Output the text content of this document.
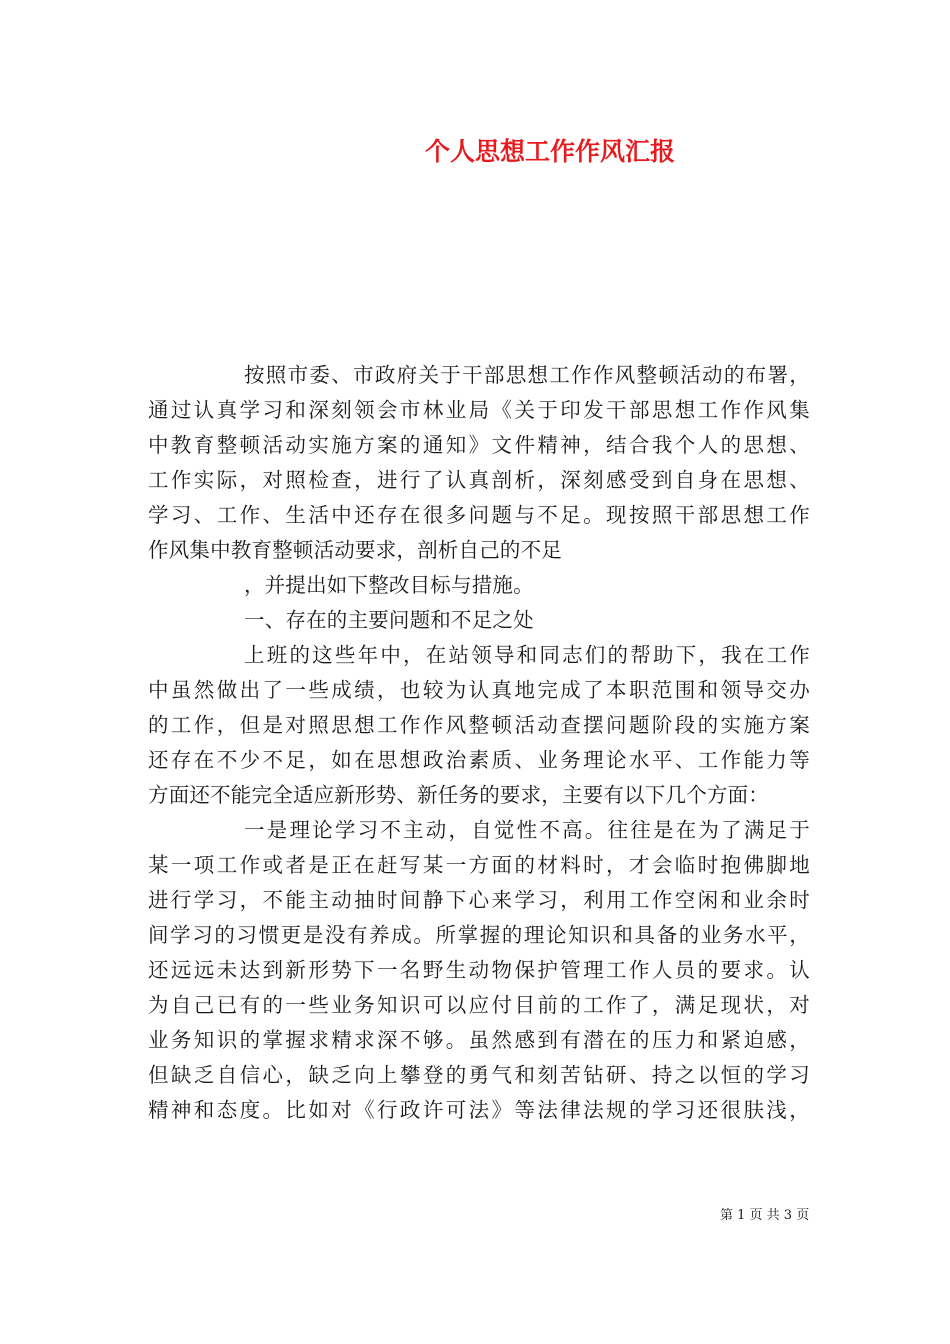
个人思想工作作风汇报
按照市委、市政府关于干部思想工作作风整顿活动的布署，
通过认真学习和深刻领会市林业局《关于印发干部思想工作作风集
中教育整顿活动实施方案的通知》文件精神，结合我个人的思想、
工作实际，对照检查，进行了认真剖析，深刻感受到自身在思想、
学习、工作、生活中还存在很多问题与不足。现按照干部思想工作
作风集中教育整顿活动要求，剖析自己的不足
，并提出如下整改目标与措施。
一、存在的主要问题和不足之处
上班的这些年中，在站领导和同志们的帮助下，我在工作
中虽然做出了一些成绩，也较为认真地完成了本职范围和领导交办
的工作，但是对照思想工作作风整顿活动查摆问题阶段的实施方案
还存在不少不足，如在思想政治素质、业务理论水平、工作能力等
方面还不能完全适应新形势、新任务的要求，主要有以下几个方面：
一是理论学习不主动，自觉性不高。往往是在为了满足于
某一项工作或者是正在赶写某一方面的材料时，才会临时抱佛脚地
进行学习，不能主动抽时间静下心来学习，利用工作空闲和业余时
间学习的习惯更是没有养成。所掌握的理论知识和具备的业务水平，
还远远未达到新形势下一名野生动物保护管理工作人员的要求。认
为自己已有的一些业务知识可以应付目前的工作了，满足现状，对
业务知识的掌握求精求深不够。虽然感到有潜在的压力和紧迫感，
但缺乏自信心，缺乏向上攀登的勇气和刻苦钻研、持之以恒的学习
精神和态度。比如对《行政许可法》等法律法规的学习还很肤浅，
第 1 页 共 3 页
